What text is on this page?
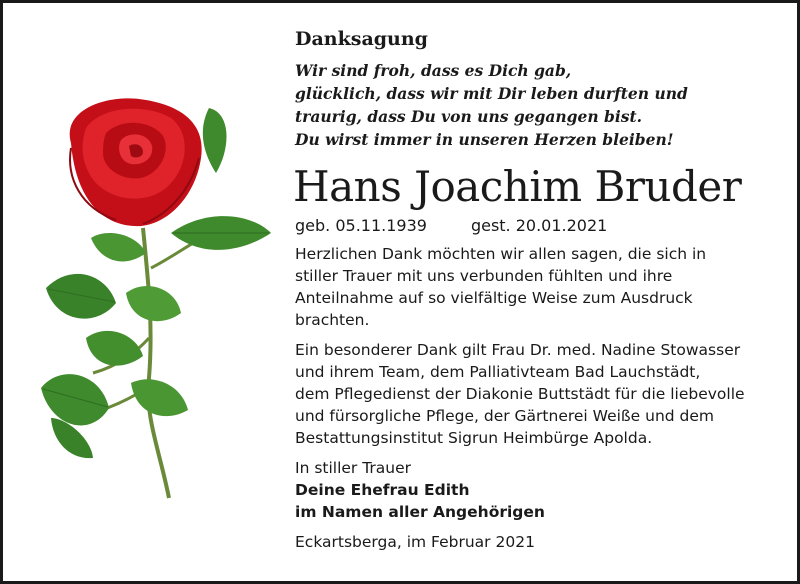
Danksagung
Wir sind froh, dass es Dich gab,
glücklich, dass wir mit Dir leben durften und
traurig, dass Du von uns gegangen bist.
Du wirst immer in unseren Herzen bleiben!
Hans Joachim Bruder
geb. 05.11.1939	gest. 20.01.2021
Herzlichen Dank möchten wir allen sagen, die sich in
stiller Trauer mit uns verbunden fühlten und ihre
Anteilnahme auf so vielfältige Weise zum Ausdruck
brachten.
Ein besonderer Dank gilt Frau Dr. med. Nadine Stowasser
und ihrem Team, dem Palliativteam Bad Lauchstädt,
dem Pflegedienst der Diakonie Buttstädt für die liebevolle
und fürsorgliche Pflege, der Gärtnerei Weiße und dem
Bestattungsinstitut Sigrun Heimbürge Apolda.
In stiller Trauer
Deine Ehefrau Edith
im Namen aller Angehörigen
Eckartsberga, im Februar 2021
